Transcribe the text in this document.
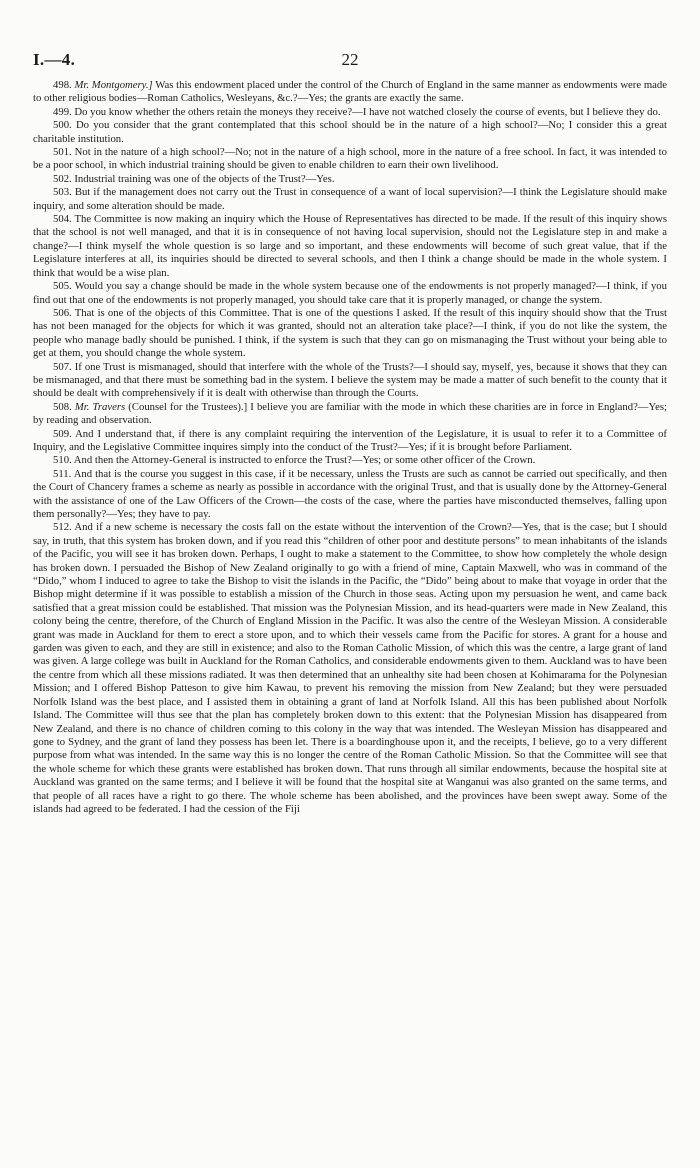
I.—4.	22

498. Mr. Montgomery.] Was this endowment placed under the control of the Church of England in the same manner as endowments were made to other religious bodies—Roman Catholics, Wesleyans, &c.?—Yes; the grants are exactly the same.

499. Do you know whether the others retain the moneys they receive?—I have not watched closely the course of events, but I believe they do.

500. Do you consider that the grant contemplated that this school should be in the nature of a high school?—No; I consider this a great charitable institution.

501. Not in the nature of a high school?—No; not in the nature of a high school, more in the nature of a free school. In fact, it was intended to be a poor school, in which industrial training should be given to enable children to earn their own livelihood.

502. Industrial training was one of the objects of the Trust?—Yes.

503. But if the management does not carry out the Trust in consequence of a want of local supervision?—I think the Legislature should make inquiry, and some alteration should be made.

504. The Committee is now making an inquiry which the House of Representatives has directed to be made. If the result of this inquiry shows that the school is not well managed, and that it is in consequence of not having local supervision, should not the Legislature step in and make a change?—I think myself the whole question is so large and so important, and these endowments will become of such great value, that if the Legislature interferes at all, its inquiries should be directed to several schools, and then I think a change should be made in the whole system. I think that would be a wise plan.

505. Would you say a change should be made in the whole system because one of the endowments is not properly managed?—I think, if you find out that one of the endowments is not properly managed, you should take care that it is properly managed, or change the system.

506. That is one of the objects of this Committee. That is one of the questions I asked. If the result of this inquiry should show that the Trust has not been managed for the objects for which it was granted, should not an alteration take place?—I think, if you do not like the system, the people who manage badly should be punished. I think, if the system is such that they can go on mismanaging the Trust without your being able to get at them, you should change the whole system.

507. If one Trust is mismanaged, should that interfere with the whole of the Trusts?—I should say, myself, yes, because it shows that they can be mismanaged, and that there must be something bad in the system. I believe the system may be made a matter of such benefit to the county that it should be dealt with comprehensively if it is dealt with otherwise than through the Courts.

508. Mr. Travers (Counsel for the Trustees).] I believe you are familiar with the mode in which these charities are in force in England?—Yes; by reading and observation.

509. And I understand that, if there is any complaint requiring the intervention of the Legislature, it is usual to refer it to a Committee of Inquiry, and the Legislative Committee inquires simply into the conduct of the Trust?—Yes; if it is brought before Parliament.

510. And then the Attorney-General is instructed to enforce the Trust?—Yes; or some other officer of the Crown.

511. And that is the course you suggest in this case, if it be necessary, unless the Trusts are such as cannot be carried out specifically, and then the Court of Chancery frames a scheme as nearly as possible in accordance with the original Trust, and that is usually done by the Attorney-General with the assistance of one of the Law Officers of the Crown—the costs of the case, where the parties have misconducted themselves, falling upon them personally?—Yes; they have to pay.

512. And if a new scheme is necessary the costs fall on the estate without the intervention of the Crown?—Yes, that is the case; but I should say, in truth, that this system has broken down, and if you read this “children of other poor and destitute persons” to mean inhabitants of the islands of the Pacific, you will see it has broken down. Perhaps, I ought to make a statement to the Committee, to show how completely the whole design has broken down. I persuaded the Bishop of New Zealand originally to go with a friend of mine, Captain Maxwell, who was in command of the “Dido,” whom I induced to agree to take the Bishop to visit the islands in the Pacific, the “Dido” being about to make that voyage in order that the Bishop might determine if it was possible to establish a mission of the Church in those seas. Acting upon my persuasion he went, and came back satisfied that a great mission could be established. That mission was the Polynesian Mission, and its head-quarters were made in New Zealand, this colony being the centre, therefore, of the Church of England Mission in the Pacific. It was also the centre of the Wesleyan Mission. A considerable grant was made in Auckland for them to erect a store upon, and to which their vessels came from the Pacific for stores. A grant for a house and garden was given to each, and they are still in existence; and also to the Roman Catholic Mission, of which this was the centre, a large grant of land was given. A large college was built in Auckland for the Roman Catholics, and considerable endowments given to them. Auckland was to have been the centre from which all these missions radiated. It was then determined that an unhealthy site had been chosen at Kohimarama for the Polynesian Mission; and I offered Bishop Patteson to give him Kawau, to prevent his removing the mission from New Zealand; but they were persuaded Norfolk Island was the best place, and I assisted them in obtaining a grant of land at Norfolk Island. All this has been published about Norfolk Island. The Committee will thus see that the plan has completely broken down to this extent: that the Polynesian Mission has disappeared from New Zealand, and there is no chance of children coming to this colony in the way that was intended. The Wesleyan Mission has disappeared and gone to Sydney, and the grant of land they possess has been let. There is a boardinghouse upon it, and the receipts, I believe, go to a very different purpose from what was intended. In the same way this is no longer the centre of the Roman Catholic Mission. So that the Committee will see that the whole scheme for which these grants were established has broken down. That runs through all similar endowments, because the hospital site at Auckland was granted on the same terms; and I believe it will be found that the hospital site at Wanganui was also granted on the same terms, and that people of all races have a right to go there. The whole scheme has been abolished, and the provinces have been swept away. Some of the islands had agreed to be federated. I had the cession of the Fiji
